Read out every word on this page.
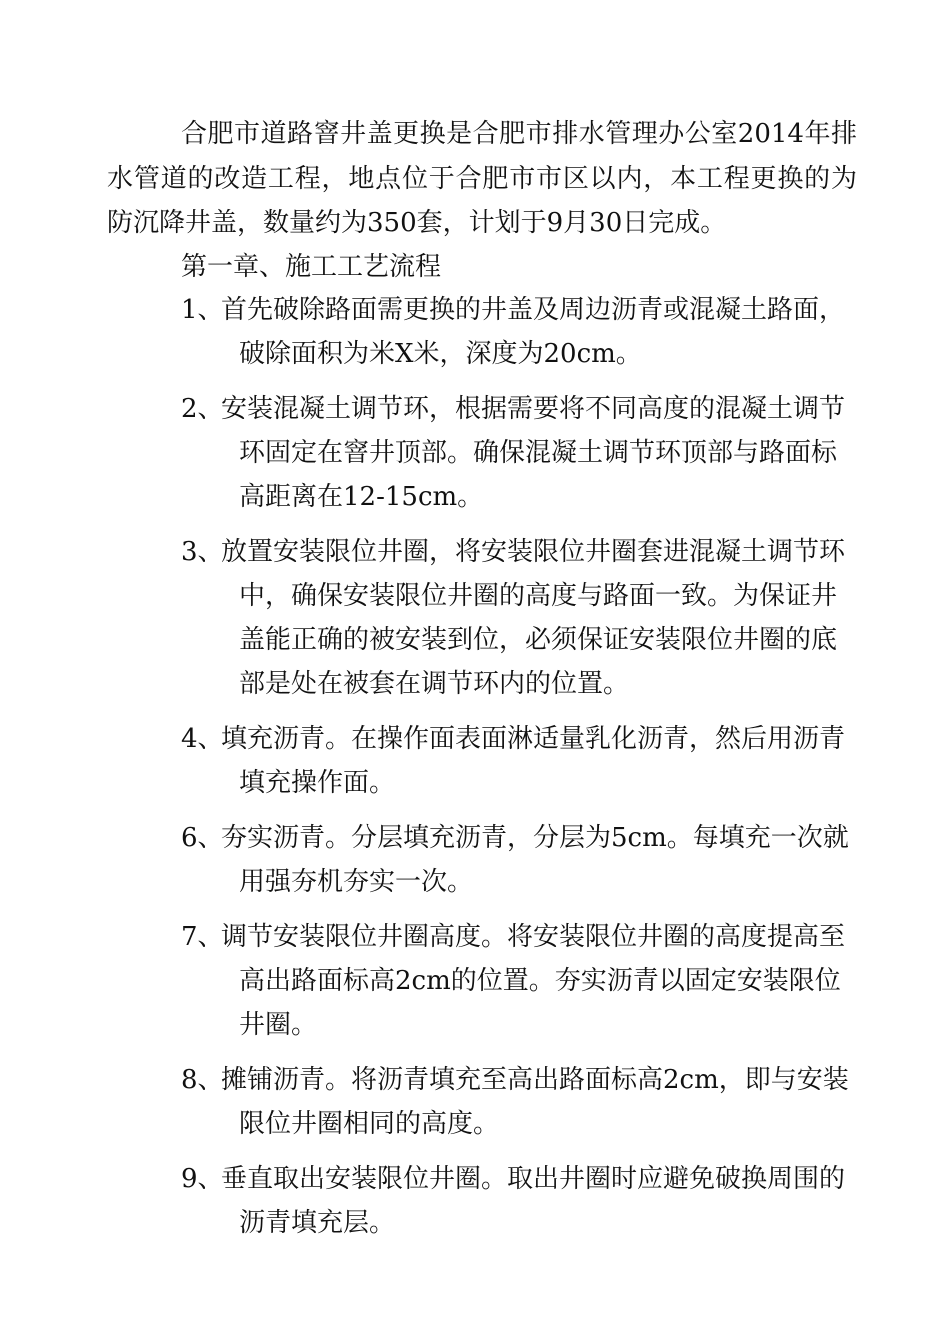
合肥市道路窨井盖更换是合肥市排水管理办公室2014年排水管道的改造工程，地点位于合肥市市区以内，本工程更换的为防沉降井盖，数量约为350套，计划于9月30日完成。

第一章、施工工艺流程

1、首先破除路面需更换的井盖及周边沥青或混凝土路面，破除面积为米X米，深度为20cm。
2、安装混凝土调节环，根据需要将不同高度的混凝土调节环固定在窨井顶部。确保混凝土调节环顶部与路面标高距离在12-15cm。
3、放置安装限位井圈，将安装限位井圈套进混凝土调节环中，确保安装限位井圈的高度与路面一致。为保证井盖能正确的被安装到位，必须保证安装限位井圈的底部是处在被套在调节环内的位置。
4、填充沥青。在操作面表面淋适量乳化沥青，然后用沥青填充操作面。
6、夯实沥青。分层填充沥青，分层为5cm。每填充一次就用强夯机夯实一次。
7、调节安装限位井圈高度。将安装限位井圈的高度提高至高出路面标高2cm的位置。夯实沥青以固定安装限位井圈。
8、摊铺沥青。将沥青填充至高出路面标高2cm，即与安装限位井圈相同的高度。
9、垂直取出安装限位井圈。取出井圈时应避免破换周围的沥青填充层。
